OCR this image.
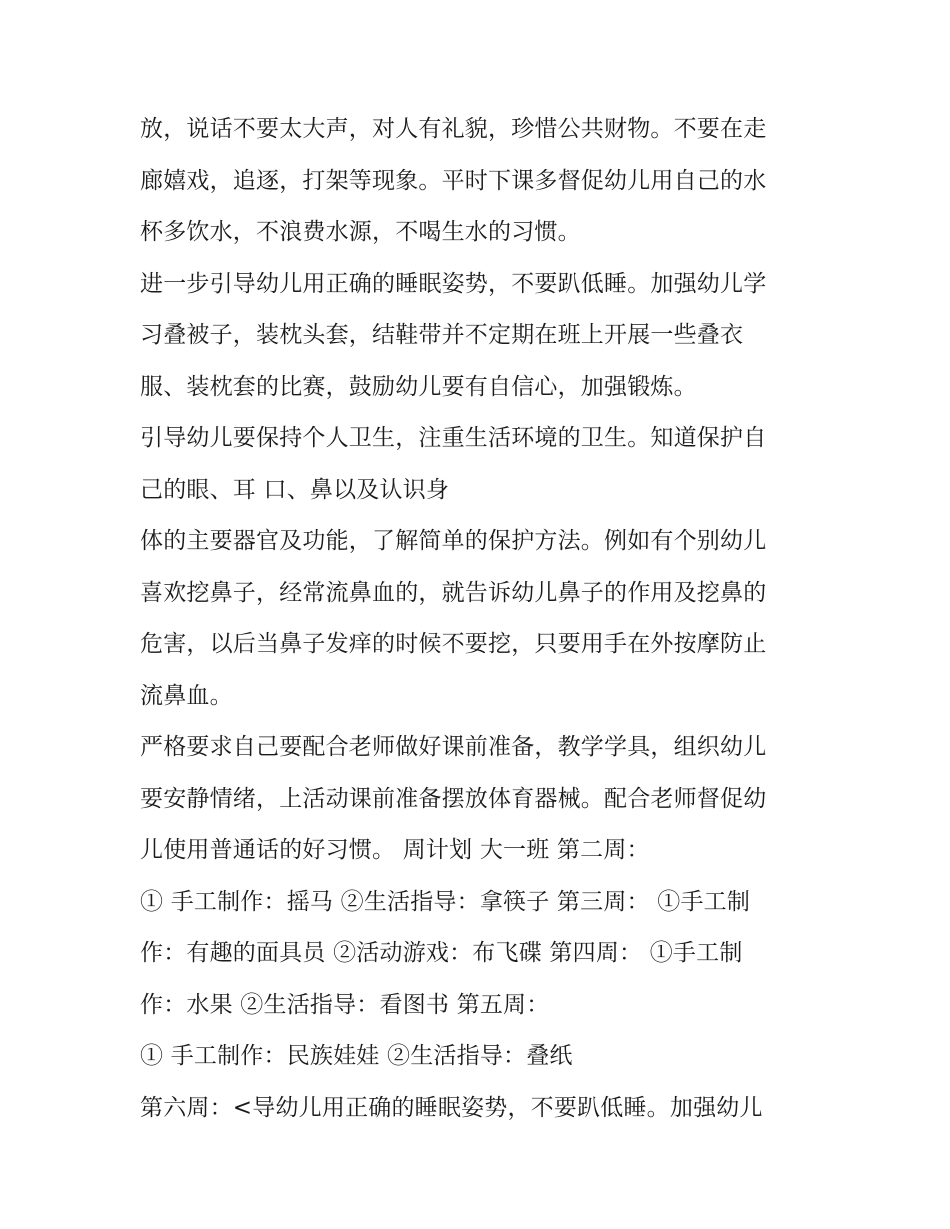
放，说话不要太大声，对人有礼貌，珍惜公共财物。不要在走
廊嬉戏，追逐，打架等现象。平时下课多督促幼儿用自己的水
杯多饮水，不浪费水源，不喝生水的习惯。
进一步引导幼儿用正确的睡眠姿势，不要趴低睡。加强幼儿学
习叠被子，装枕头套，结鞋带并不定期在班上开展一些叠衣
服、装枕套的比赛，鼓励幼儿要有自信心，加强锻炼。
引导幼儿要保持个人卫生，注重生活环境的卫生。知道保护自
己的眼、耳 口、鼻以及认识身
体的主要器官及功能，了解简单的保护方法。例如有个别幼儿
喜欢挖鼻子，经常流鼻血的，就告诉幼儿鼻子的作用及挖鼻的
危害，以后当鼻子发痒的时候不要挖，只要用手在外按摩防止
流鼻血。
严格要求自己要配合老师做好课前准备，教学学具，组织幼儿
要安静情绪，上活动课前准备摆放体育器械。配合老师督促幼
儿使用普通话的好习惯。 周计划 大一班 第二周：
① 手工制作：摇马 ②生活指导：拿筷子 第三周： ①手工制
作：有趣的面具员 ②活动游戏：布飞碟 第四周： ①手工制
作：水果 ②生活指导：看图书 第五周：
① 手工制作：民族娃娃 ②生活指导：叠纸
第六周：<导幼儿用正确的睡眠姿势，不要趴低睡。加强幼儿
